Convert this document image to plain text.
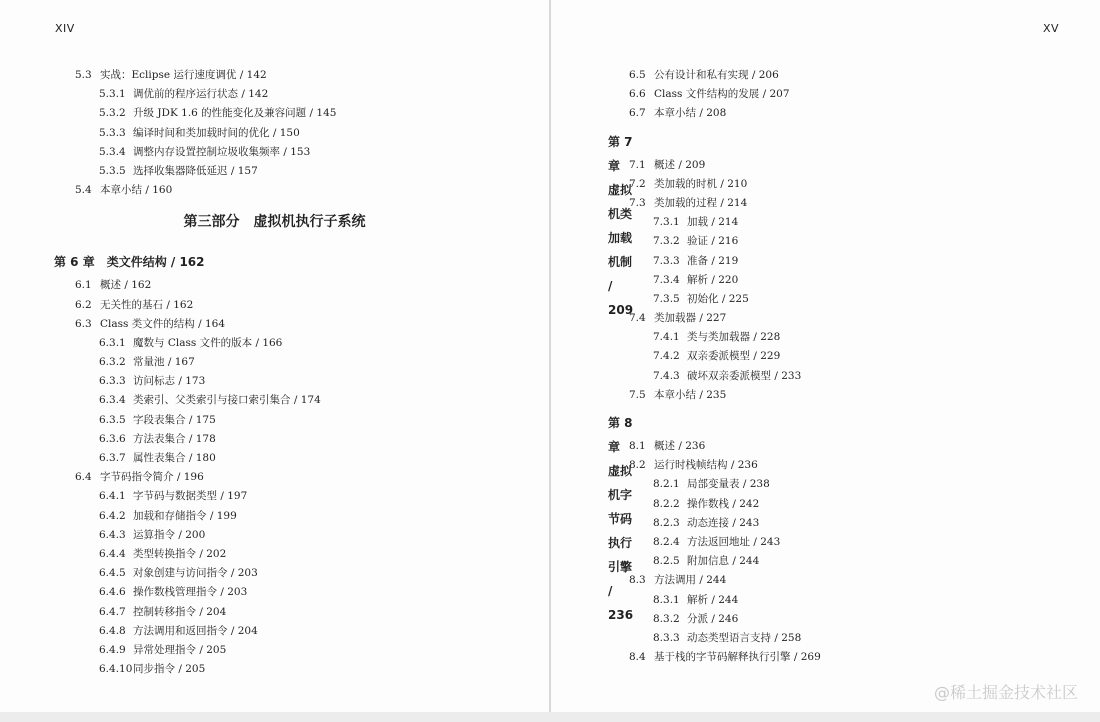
XIV
5.3 实战：Eclipse 运行速度调优 / 142
5.3.1 调优前的程序运行状态 / 142
5.3.2 升级 JDK 1.6 的性能变化及兼容问题 / 145
5.3.3 编译时间和类加载时间的优化 / 150
5.3.4 调整内存设置控制垃圾收集频率 / 153
5.3.5 选择收集器降低延迟 / 157
5.4 本章小结 / 160
第三部分　虚拟机执行子系统
第 6 章　类文件结构 / 162
6.1 概述 / 162
6.2 无关性的基石 / 162
6.3 Class 类文件的结构 / 164
6.3.1 魔数与 Class 文件的版本 / 166
6.3.2 常量池 / 167
6.3.3 访问标志 / 173
6.3.4 类索引、父类索引与接口索引集合 / 174
6.3.5 字段表集合 / 175
6.3.6 方法表集合 / 178
6.3.7 属性表集合 / 180
6.4 字节码指令简介 / 196
6.4.1 字节码与数据类型 / 197
6.4.2 加载和存储指令 / 199
6.4.3 运算指令 / 200
6.4.4 类型转换指令 / 202
6.4.5 对象创建与访问指令 / 203
6.4.6 操作数栈管理指令 / 203
6.4.7 控制转移指令 / 204
6.4.8 方法调用和返回指令 / 204
6.4.9 异常处理指令 / 205
6.4.10 同步指令 / 205
XV
6.5 公有设计和私有实现 / 206
6.6 Class 文件结构的发展 / 207
6.7 本章小结 / 208
第 7 章　虚拟机类加载机制 / 209
7.1 概述 / 209
7.2 类加载的时机 / 210
7.3 类加载的过程 / 214
7.3.1 加载 / 214
7.3.2 验证 / 216
7.3.3 准备 / 219
7.3.4 解析 / 220
7.3.5 初始化 / 225
7.4 类加载器 / 227
7.4.1 类与类加载器 / 228
7.4.2 双亲委派模型 / 229
7.4.3 破坏双亲委派模型 / 233
7.5 本章小结 / 235
第 8 章　虚拟机字节码执行引擎 / 236
8.1 概述 / 236
8.2 运行时栈帧结构 / 236
8.2.1 局部变量表 / 238
8.2.2 操作数栈 / 242
8.2.3 动态连接 / 243
8.2.4 方法返回地址 / 243
8.2.5 附加信息 / 244
8.3 方法调用 / 244
8.3.1 解析 / 244
8.3.2 分派 / 246
8.3.3 动态类型语言支持 / 258
8.4 基于栈的字节码解释执行引擎 / 269
@稀土掘金技术社区
